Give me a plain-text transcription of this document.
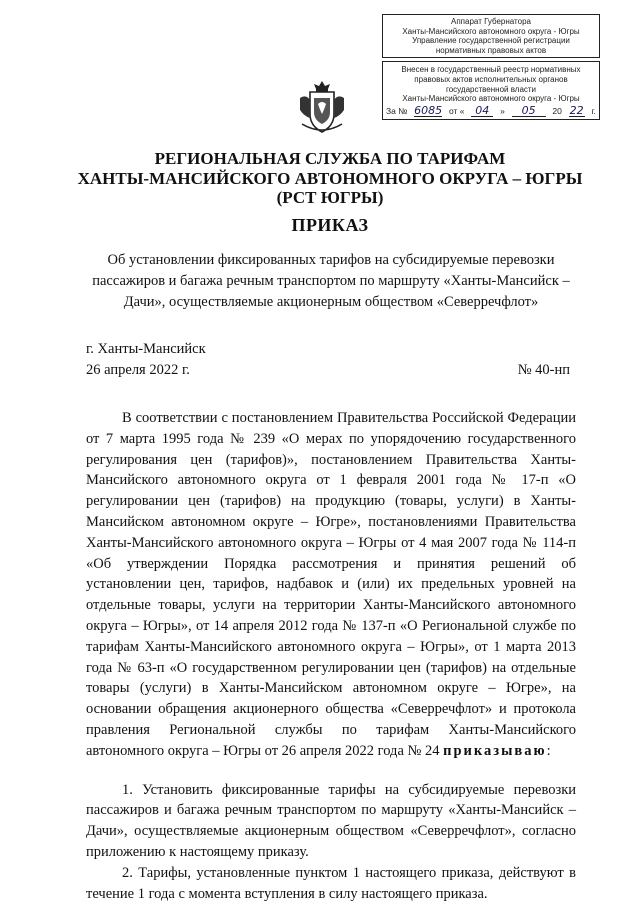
Аппарат Губернатора
Ханты-Мансийского автономного округа - Югры
Управление государственной регистрации
нормативных правовых актов
Внесен в государственный реестр нормативных
правовых актов исполнительных органов
государственной власти
Ханты-Мансийского автономного округа - Югры
За № 6085 от « 04	»	05	20 22 г.
РЕГИОНАЛЬНАЯ СЛУЖБА ПО ТАРИФАМ
ХАНТЫ-МАНСИЙСКОГО АВТОНОМНОГО ОКРУГА – ЮГРЫ
(РСТ ЮГРЫ)
ПРИКАЗ
Об установлении фиксированных тарифов на субсидируемые перевозки пассажиров и багажа речным транспортом по маршруту «Ханты-Мансийск – Дачи», осуществляемые акционерным обществом «Северречфлот»
г. Ханты-Мансийск
26 апреля 2022 г.	№ 40-нп

В соответствии с постановлением Правительства Российской Федерации от 7 марта 1995 года № 239 «О мерах по упорядочению государственного регулирования цен (тарифов)», постановлением Правительства Ханты-Мансийского автономного округа от 1 февраля 2001 года № 17-п «О регулировании цен (тарифов) на продукцию (товары, услуги) в Ханты-Мансийском автономном округе – Югре», постановлениями Правительства Ханты-Мансийского автономного округа – Югры от 4 мая 2007 года № 114-п «Об утверждении Порядка рассмотрения и принятия решений об установлении цен, тарифов, надбавок и (или) их предельных уровней на отдельные товары, услуги на территории Ханты-Мансийского автономного округа – Югры», от 14 апреля 2012 года № 137-п «О Региональной службе по тарифам Ханты-Мансийского автономного округа – Югры», от 1 марта 2013 года № 63-п «О государственном регулировании цен (тарифов) на отдельные товары (услуги) в Ханты-Мансийском автономном округе – Югре», на основании обращения акционерного общества «Северречфлот» и протокола правления Региональной службы по тарифам Ханты-Мансийского автономного округа – Югры от 26 апреля 2022 года № 24 приказываю:

1. Установить фиксированные тарифы на субсидируемые перевозки пассажиров и багажа речным транспортом по маршруту «Ханты-Мансийск – Дачи», осуществляемые акционерным обществом «Северречфлот», согласно приложению к настоящему приказу.

2. Тарифы, установленные пунктом 1 настоящего приказа, действуют в течение 1 года с момента вступления в силу настоящего приказа.
